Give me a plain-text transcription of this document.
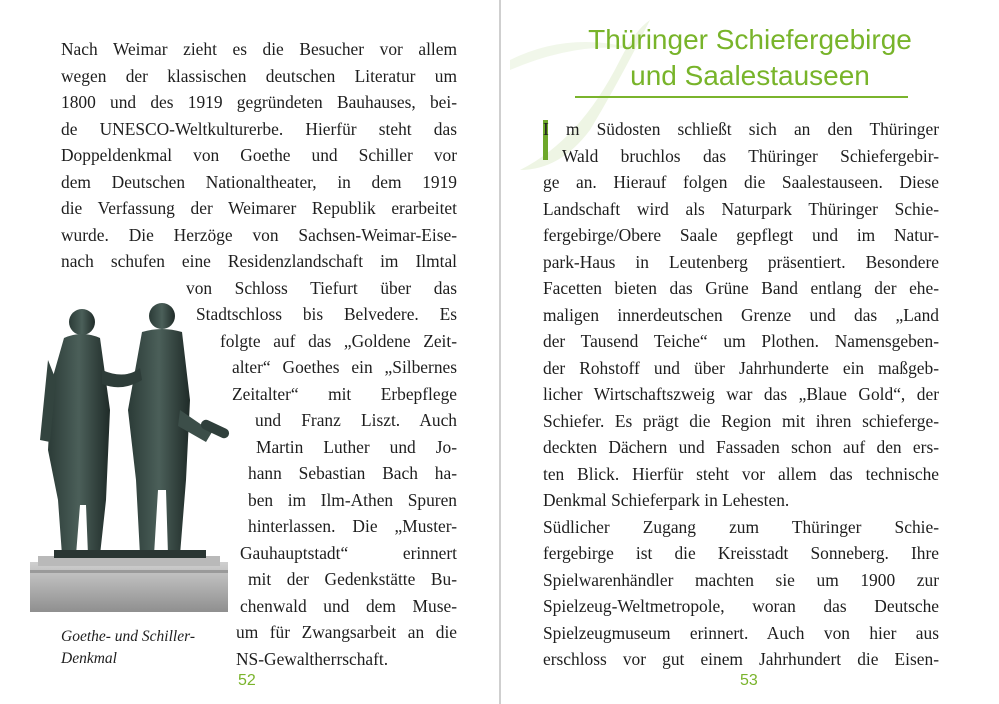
Goethe- und Schiller-Denkmal
Nach Weimar zieht es die Besucher vor allem
wegen der klassischen deutschen Literatur um
1800 und des 1919 gegründeten Bauhauses, bei-
de UNESCO-Weltkulturerbe. Hierfür steht das
Doppeldenkmal von Goethe und Schiller vor
dem Deutschen Nationaltheater, in dem 1919
die Verfassung der Weimarer Republik erarbeitet
wurde. Die Herzöge von Sachsen-Weimar-Eise-
nach schufen eine Residenzlandschaft im Ilmtal
von Schloss Tiefurt über das
Stadtschloss bis Belvedere. Es
folgte auf das „Goldene Zeit-
alter“ Goethes ein „Silbernes
Zeitalter“ mit Erbepflege
und Franz Liszt. Auch
Martin Luther und Jo-
hann Sebastian Bach ha-
ben im Ilm-Athen Spuren
hinterlassen. Die „Muster-
Gauhauptstadt“ erinnert
mit der Gedenkstätte Bu-
chenwald und dem Muse-
um für Zwangsarbeit an die
NS-Gewaltherrschaft.
52
Thüringer Schiefergebirge
und Saalestauseen
I m Südosten schließt sich an den Thüringer
Wald bruchlos das Thüringer Schiefergebir-
ge an. Hierauf folgen die Saalestauseen. Diese
Landschaft wird als Naturpark Thüringer Schie-
fergebirge/Obere Saale gepflegt und im Natur-
park-Haus in Leutenberg präsentiert. Besondere
Facetten bieten das Grüne Band entlang der ehe-
maligen innerdeutschen Grenze und das „Land
der Tausend Teiche“ um Plothen. Namensgeben-
der Rohstoff und über Jahrhunderte ein maßgeb-
licher Wirtschaftszweig war das „Blaue Gold“, der
Schiefer. Es prägt die Region mit ihren schieferge-
deckten Dächern und Fassaden schon auf den ers-
ten Blick. Hierfür steht vor allem das technische
Denkmal Schieferpark in Lehesten.
Südlicher Zugang zum Thüringer Schie-
fergebirge ist die Kreisstadt Sonneberg. Ihre
Spielwarenhändler machten sie um 1900 zur
Spielzeug-Weltmetropole, woran das Deutsche
Spielzeugmuseum erinnert. Auch von hier aus
erschloss vor gut einem Jahrhundert die Eisen-
53
